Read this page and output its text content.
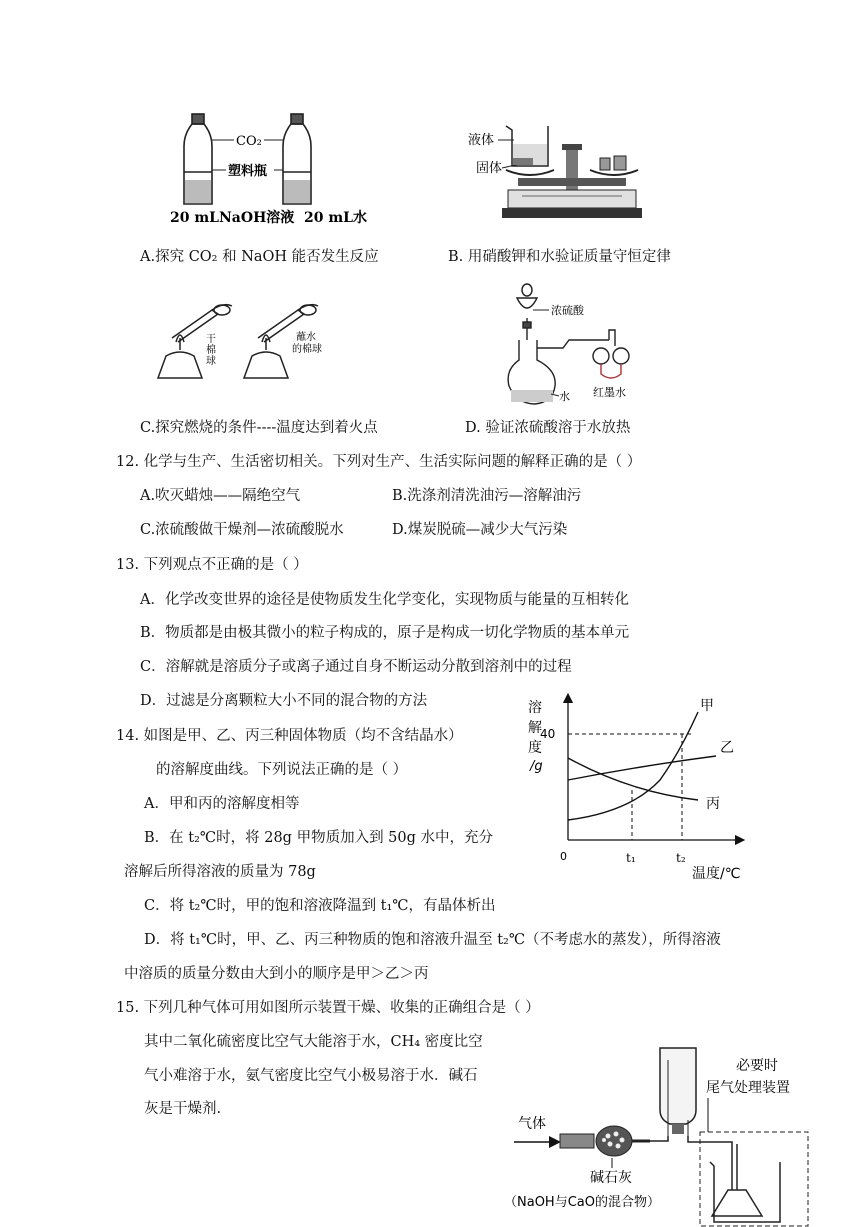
CO₂
塑料瓶
20 mLNaOH溶液 20 mL水
液体
固体
A.探究 CO₂ 和 NaOH 能否发生反应	B. 用硝酸钾和水验证质量守恒定律
干棉球
蘸水的棉球
浓硫酸
水 红墨水
C.探究燃烧的条件----温度达到着火点	D. 验证浓硫酸溶于水放热
12. 化学与生产、生活密切相关。下列对生产、生活实际问题的解释正确的是（ ）
A.吹灭蜡烛——隔绝空气	B.洗涤剂清洗油污—溶解油污
C.浓硫酸做干燥剂—浓硫酸脱水	D.煤炭脱硫—减少大气污染
13. 下列观点不正确的是（ ）
A．化学改变世界的途径是使物质发生化学变化，实现物质与能量的互相转化
B．物质都是由极其微小的粒子构成的，原子是构成一切化学物质的基本单元
C．溶解就是溶质分子或离子通过自身不断运动分散到溶剂中的过程
D．过滤是分离颗粒大小不同的混合物的方法
14. 如图是甲、乙、丙三种固体物质（均不含结晶水）
的溶解度曲线。下列说法正确的是（ ）
A．甲和丙的溶解度相等
B．在 t₂℃时，将 28g 甲物质加入到 50g 水中，充分
溶解后所得溶液的质量为 78g
C．将 t₂℃时，甲的饱和溶液降温到 t₁℃，有晶体析出
D．将 t₁℃时，甲、乙、丙三种物质的饱和溶液升温至 t₂℃（不考虑水的蒸发），所得溶液
中溶质的质量分数由大到小的顺序是甲＞乙＞丙
溶
解
度
/g
40
0	t₁	t₂
温度/℃
甲
乙
丙
15. 下列几种气体可用如图所示装置干燥、收集的正确组合是（ ）
其中二氧化硫密度比空气大能溶于水，CH₄ 密度比空
气小难溶于水，氨气密度比空气小极易溶于水．碱石
灰是干燥剂.
气体
必要时
尾气处理装置
碱石灰
（NaOH与CaO的混合物）
